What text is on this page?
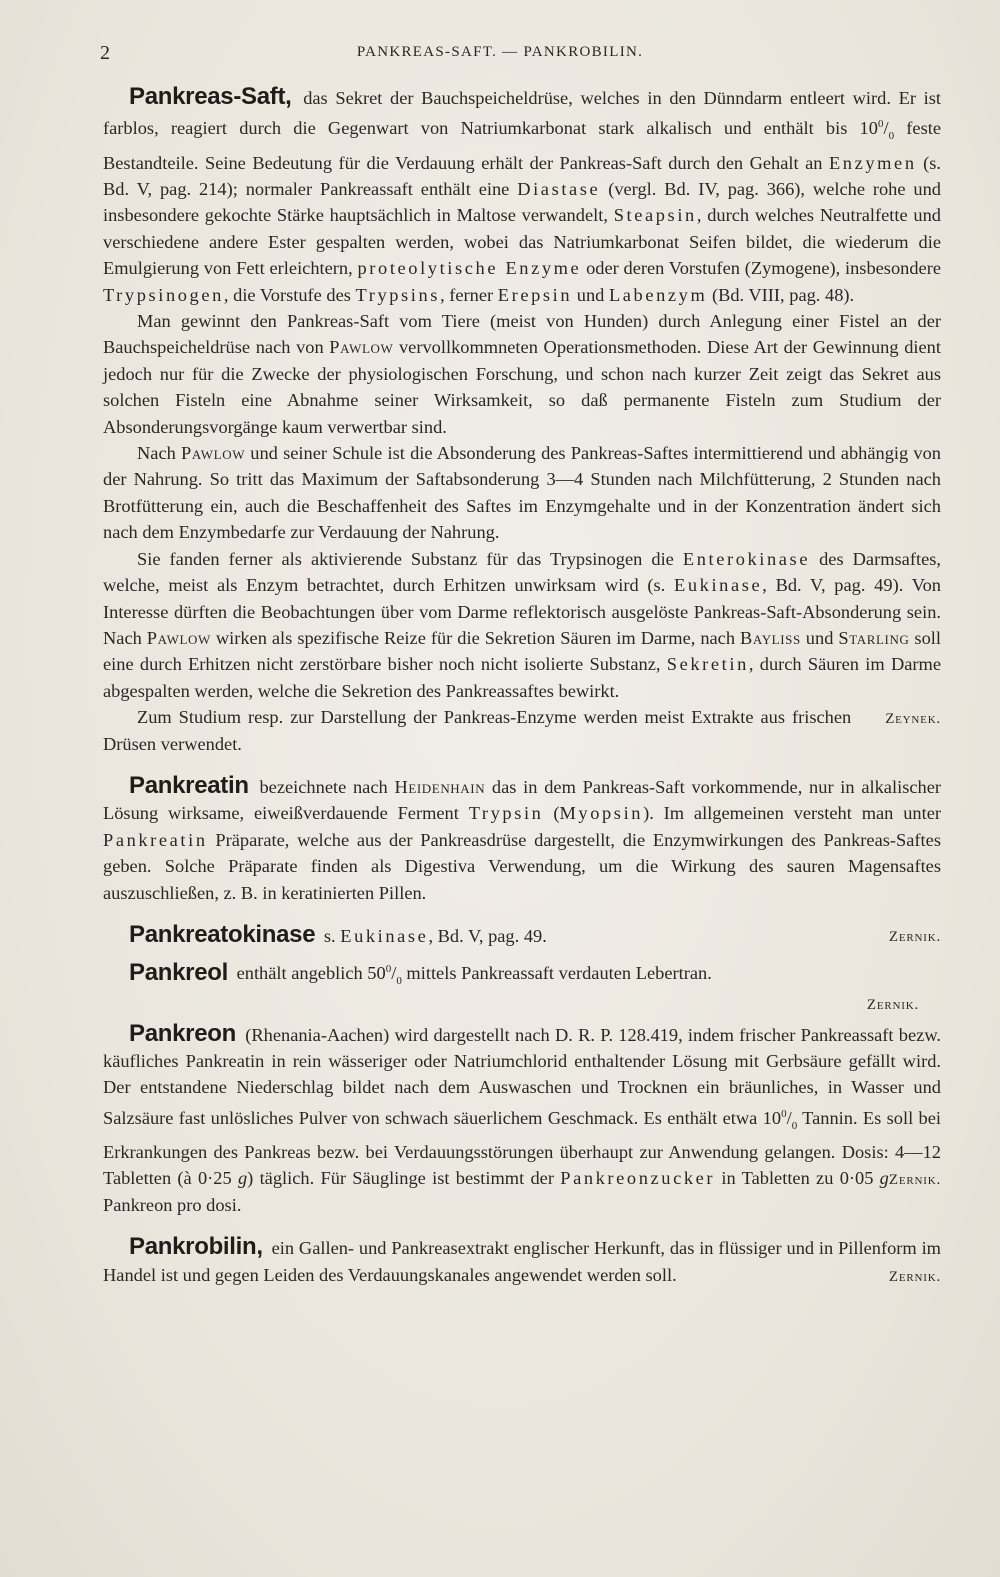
2	PANKREAS-SAFT. — PANKROBILIN.

Pankreas-Saft, das Sekret der Bauchspeicheldrüse, welches in den Dünndarm entleert wird. Er ist farblos, reagiert durch die Gegenwart von Natriumkarbonat stark alkalisch und enthält bis $10^0/_0$ feste Bestandteile. Seine Bedeutung für die Verdauung erhält der Pankreas-Saft durch den Gehalt an Enzymen (s. Bd. V, pag. 214); normaler Pankreassaft enthält eine Diastase (vergl. Bd. IV, pag. 366), welche rohe und insbesondere gekochte Stärke hauptsächlich in Maltose verwandelt, Steapsin, durch welches Neutralfette und verschiedene andere Ester gespalten werden, wobei das Natriumkarbonat Seifen bildet, die wiederum die Emulgierung von Fett erleichtern, proteolytische Enzyme oder deren Vorstufen (Zymogene), insbesondere Trypsinogen, die Vorstufe des Trypsins, ferner Erepsin und Labenzym (Bd. VIII, pag. 48).

Man gewinnt den Pankreas-Saft vom Tiere (meist von Hunden) durch Anlegung einer Fistel an der Bauchspeicheldrüse nach von Pawlow vervollkommneten Operationsmethoden. Diese Art der Gewinnung dient jedoch nur für die Zwecke der physiologischen Forschung, und schon nach kurzer Zeit zeigt das Sekret aus solchen Fisteln eine Abnahme seiner Wirksamkeit, so daß permanente Fisteln zum Studium der Absonderungsvorgänge kaum verwertbar sind.

Nach Pawlow und seiner Schule ist die Absonderung des Pankreas-Saftes intermittierend und abhängig von der Nahrung. So tritt das Maximum der Saftabsonderung 3—4 Stunden nach Milchfütterung, 2 Stunden nach Brotfütterung ein, auch die Beschaffenheit des Saftes im Enzymgehalte und in der Konzentration ändert sich nach dem Enzymbedarfe zur Verdauung der Nahrung.

Sie fanden ferner als aktivierende Substanz für das Trypsinogen die Enterokinase des Darmsaftes, welche, meist als Enzym betrachtet, durch Erhitzen unwirksam wird (s. Eukinase, Bd. V, pag. 49). Von Interesse dürften die Beobachtungen über vom Darme reflektorisch ausgelöste Pankreas-Saft-Absonderung sein. Nach Pawlow wirken als spezifische Reize für die Sekretion Säuren im Darme, nach Bayliss und Starling soll eine durch Erhitzen nicht zerstörbare bisher noch nicht isolierte Substanz, Sekretin, durch Säuren im Darme abgespalten werden, welche die Sekretion des Pankreassaftes bewirkt.

Zeynek.
Zum Studium resp. zur Darstellung der Pankreas-Enzyme werden meist Extrakte aus frischen Drüsen verwendet.

Pankreatin bezeichnete nach Heidenhain das in dem Pankreas-Saft vorkommende, nur in alkalischer Lösung wirksame, eiweißverdauende Ferment Trypsin (Myopsin). Im allgemeinen versteht man unter Pankreatin Präparate, welche aus der Pankreasdrüse dargestellt, die Enzymwirkungen des Pankreas-Saftes geben. Solche Präparate finden als Digestiva Verwendung, um die Wirkung des sauren Magensaftes auszuschließen, z. B. in keratinierten Pillen.

Zernik.
Pankreatokinase s. Eukinase, Bd. V, pag. 49.

Pankreol enthält angeblich $50^0/_0$ mittels Pankreassaft verdauten Lebertran.

Zernik.

Pankreon (Rhenania-Aachen) wird dargestellt nach D. R. P. 128.419, indem frischer Pankreassaft bezw. käufliches Pankreatin in rein wässeriger oder Natriumchlorid enthaltender Lösung mit Gerbsäure gefällt wird. Der entstandene Niederschlag bildet nach dem Auswaschen und Trocknen ein bräunliches, in Wasser und Salzsäure fast unlösliches Pulver von schwach säuerlichem Geschmack. Es enthält etwa $10^0/_0$ Tannin. Es soll bei Erkrankungen des Pankreas bezw. bei Verdauungsstörungen überhaupt zur Anwendung gelangen. Dosis: 4—12 Tabletten (à 0·25 g) täglich. Für Säuglinge ist bestimmt der Pankreonzucker in Tabletten zu 0·05 g Zernik.
Pankreon pro dosi.

Pankrobilin, ein Gallen- und Pankreasextrakt englischer Herkunft, das in flüssiger und in Pillenform im Handel ist und gegen Leiden des Verdauungskanales angewendet werden soll.	Zernik.
